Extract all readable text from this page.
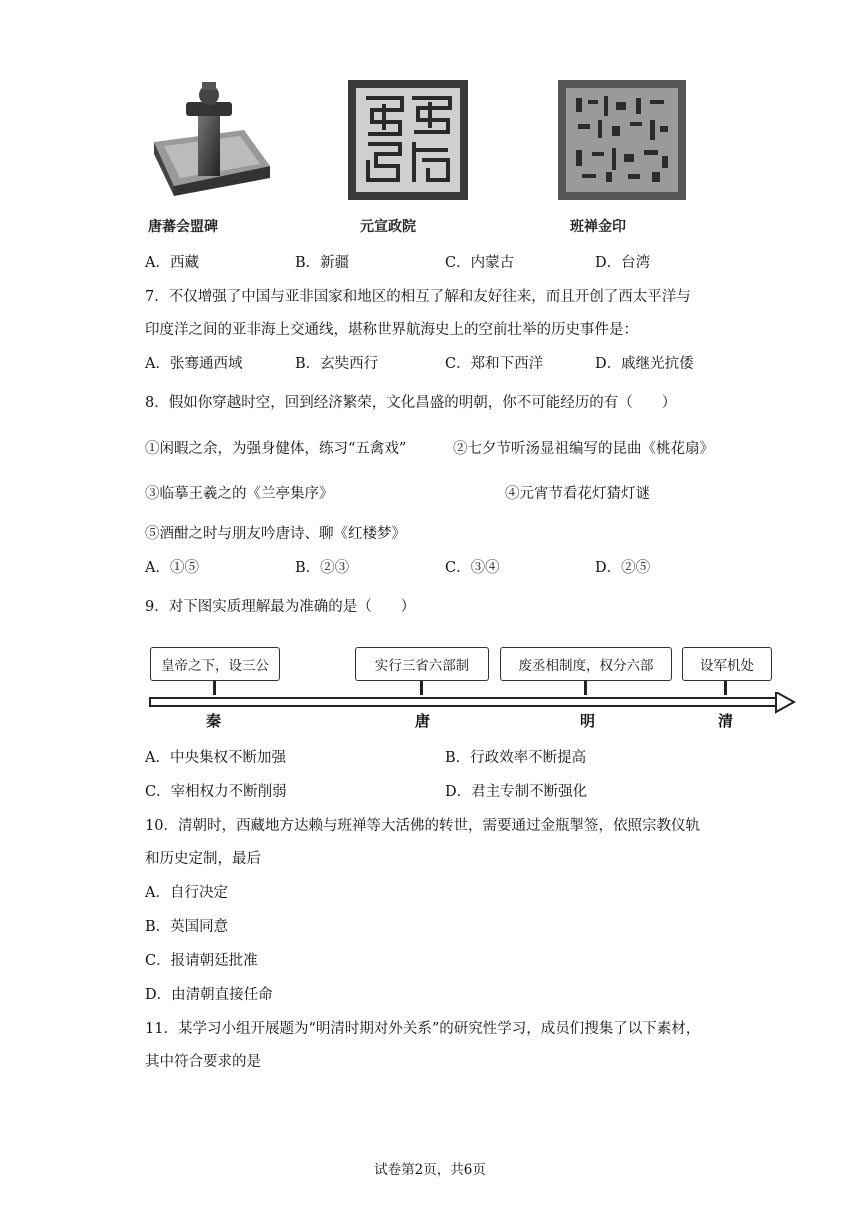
唐蕃会盟碑	元宣政院	班禅金印
A．西藏	B．新疆	C．内蒙古	D．台湾
7．不仅增强了中国与亚非国家和地区的相互了解和友好往来，而且开创了西太平洋与
印度洋之间的亚非海上交通线，堪称世界航海史上的空前壮举的历史事件是：
A．张骞通西域	B．玄奘西行	C．郑和下西洋	D．戚继光抗倭
8．假如你穿越时空，回到经济繁荣，文化昌盛的明朝，你不可能经历的有（　　）
①闲暇之余，为强身健体，练习“五禽戏”	②七夕节听汤显祖编写的昆曲《桃花扇》
③临摹王羲之的《兰亭集序》	④元宵节看花灯猜灯谜
⑤酒酣之时与朋友吟唐诗、聊《红楼梦》
A．①⑤	B．②③	C．③④	D．②⑤
9．对下图实质理解最为准确的是（　　）
皇帝之下，设三公	实行三省六部制	废丞相制度，权分六部	设军机处
秦	唐	明	清
A．中央集权不断加强	B．行政效率不断提高
C．宰相权力不断削弱	D．君主专制不断强化
10．清朝时，西藏地方达赖与班禅等大活佛的转世，需要通过金瓶掣签，依照宗教仪轨
和历史定制，最后
A．自行决定
B．英国同意
C．报请朝廷批准
D．由清朝直接任命
11．某学习小组开展题为“明清时期对外关系”的研究性学习，成员们搜集了以下素材，
其中符合要求的是
试卷第2页，共6页
